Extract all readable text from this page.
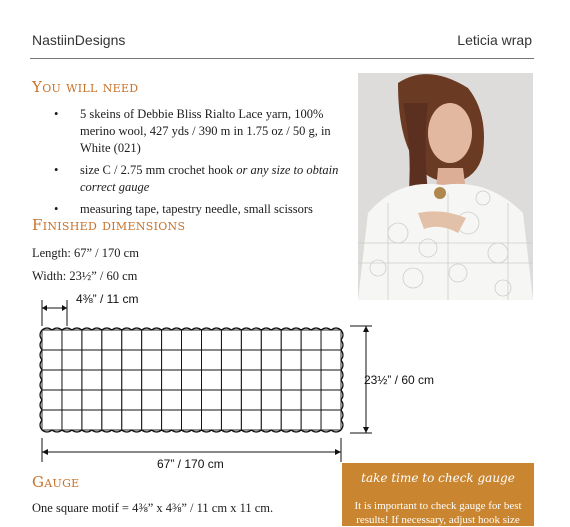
NastiinDesigns	Leticia wrap
You will need
• 5 skeins of Debbie Bliss Rialto Lace yarn, 100% merino wool, 427 yds / 390 m in 1.75 oz / 50 g, in White (021)
• size C / 2.75 mm crochet hook or any size to obtain correct gauge
• measuring tape, tapestry needle, small scissors
Finished dimensions
Length: 67” / 170 cm
Width: 23½” / 60 cm
4⅜” / 11 cm
23½” / 60 cm
67” / 170 cm
Gauge
One square motif = 4⅜” x 4⅜” / 11 cm x 11 cm.
take time to check gauge
It is important to check gauge for best results! If necessary, adjust hook size
